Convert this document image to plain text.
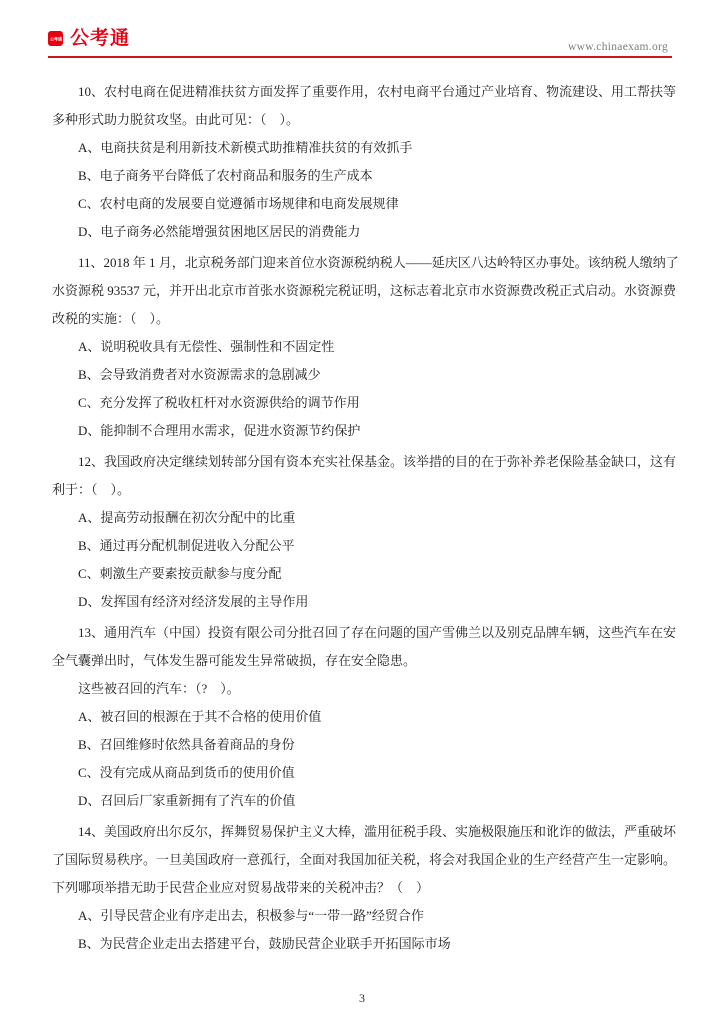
公考通 公考通	www.chinaexam.org
10、农村电商在促进精准扶贫方面发挥了重要作用，农村电商平台通过产业培育、物流建设、用工帮扶等
多种形式助力脱贫攻坚。由此可见：（　）。
A、电商扶贫是利用新技术新模式助推精准扶贫的有效抓手
B、电子商务平台降低了农村商品和服务的生产成本
C、农村电商的发展要自觉遵循市场规律和电商发展规律
D、电子商务必然能增强贫困地区居民的消费能力
11、2018 年 1 月，北京税务部门迎来首位水资源税纳税人——延庆区八达岭特区办事处。该纳税人缴纳了
水资源税 93537 元，并开出北京市首张水资源税完税证明，这标志着北京市水资源费改税正式启动。水资源费
改税的实施：（　）。
A、说明税收具有无偿性、强制性和不固定性
B、会导致消费者对水资源需求的急剧减少
C、充分发挥了税收杠杆对水资源供给的调节作用
D、能抑制不合理用水需求，促进水资源节约保护
12、我国政府决定继续划转部分国有资本充实社保基金。该举措的目的在于弥补养老保险基金缺口，这有
利于：（　）。
A、提高劳动报酬在初次分配中的比重
B、通过再分配机制促进收入分配公平
C、刺激生产要素按贡献参与度分配
D、发挥国有经济对经济发展的主导作用
13、通用汽车（中国）投资有限公司分批召回了存在问题的国产雪佛兰以及别克品牌车辆，这些汽车在安
全气囊弹出时，气体发生器可能发生异常破损，存在安全隐患。
这些被召回的汽车：（?　）。
A、被召回的根源在于其不合格的使用价值
B、召回维修时依然具备着商品的身份
C、没有完成从商品到货币的使用价值
D、召回后厂家重新拥有了汽车的价值
14、美国政府出尔反尔，挥舞贸易保护主义大棒，滥用征税手段、实施极限施压和讹诈的做法，严重破坏
了国际贸易秩序。一旦美国政府一意孤行，全面对我国加征关税，将会对我国企业的生产经营产生一定影响。
下列哪项举措无助于民营企业应对贸易战带来的关税冲击？（　）
A、引导民营企业有序走出去，积极参与“一带一路”经贸合作
B、为民营企业走出去搭建平台，鼓励民营企业联手开拓国际市场
3
